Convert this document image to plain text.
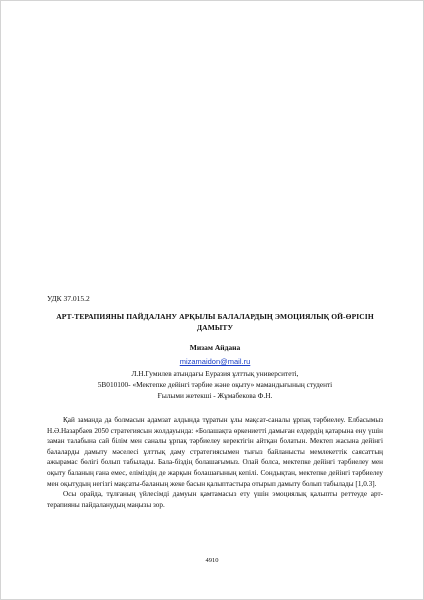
УДК 37.015.2
АРТ-ТЕРАПИЯНЫ ПАЙДАЛАНУ АРҚЫЛЫ БАЛАЛАРДЫҢ ЭМОЦИЯЛЫҚ ОЙ-ӨРІСІН ДАМЫТУ
Мизам Айдана
mizamaidon@mail.ru
Л.Н.Гумилев атындағы Еуразия ұлттық университеті,
5В010100- «Мектепке дейінгі тәрбие және оқыту» мамандығының студенті
Ғылыми жетекші - Жұмабекова Ф.Н.

Қай заманда да болмасын адамзат алдында тұратын ұлы мақсат-саналы ұрпақ тәрбиелеу. Елбасымыз Н.Ә.Назарбаев 2050 стратегиясын жолдауында: «Болашақта өркениетті дамыған елдердің қатарына ену үшін заман талабына сай білім мен саналы ұрпақ тәрбиелеу керектігін айтқан болатын. Мектеп жасына дейінгі балаларды дамыту мәселесі ұлттық даму стратегиясымен тығыз байланысты мемлекеттік саясаттың ажырамас бөлігі болып табылады. Бала-біздің болашағымыз. Олай болса, мектепке дейінгі тәрбиелеу мен оқыту баланың ғана емес, еліміздің де жарқын болашағының кепілі. Сондықтан, мектепке дейінгі тәрбиелеу мен оқытудың негізгі мақсаты-баланың жеке басын қалыптастыра отырып дамыту болып табылады [1,0.3].

Осы орайда, тұлғаның үйлесімді дамуын қамтамасыз ету үшін эмоциялық қалыпты реттеуде арт-терапияны пайдаланудың маңызы зор.

4910
